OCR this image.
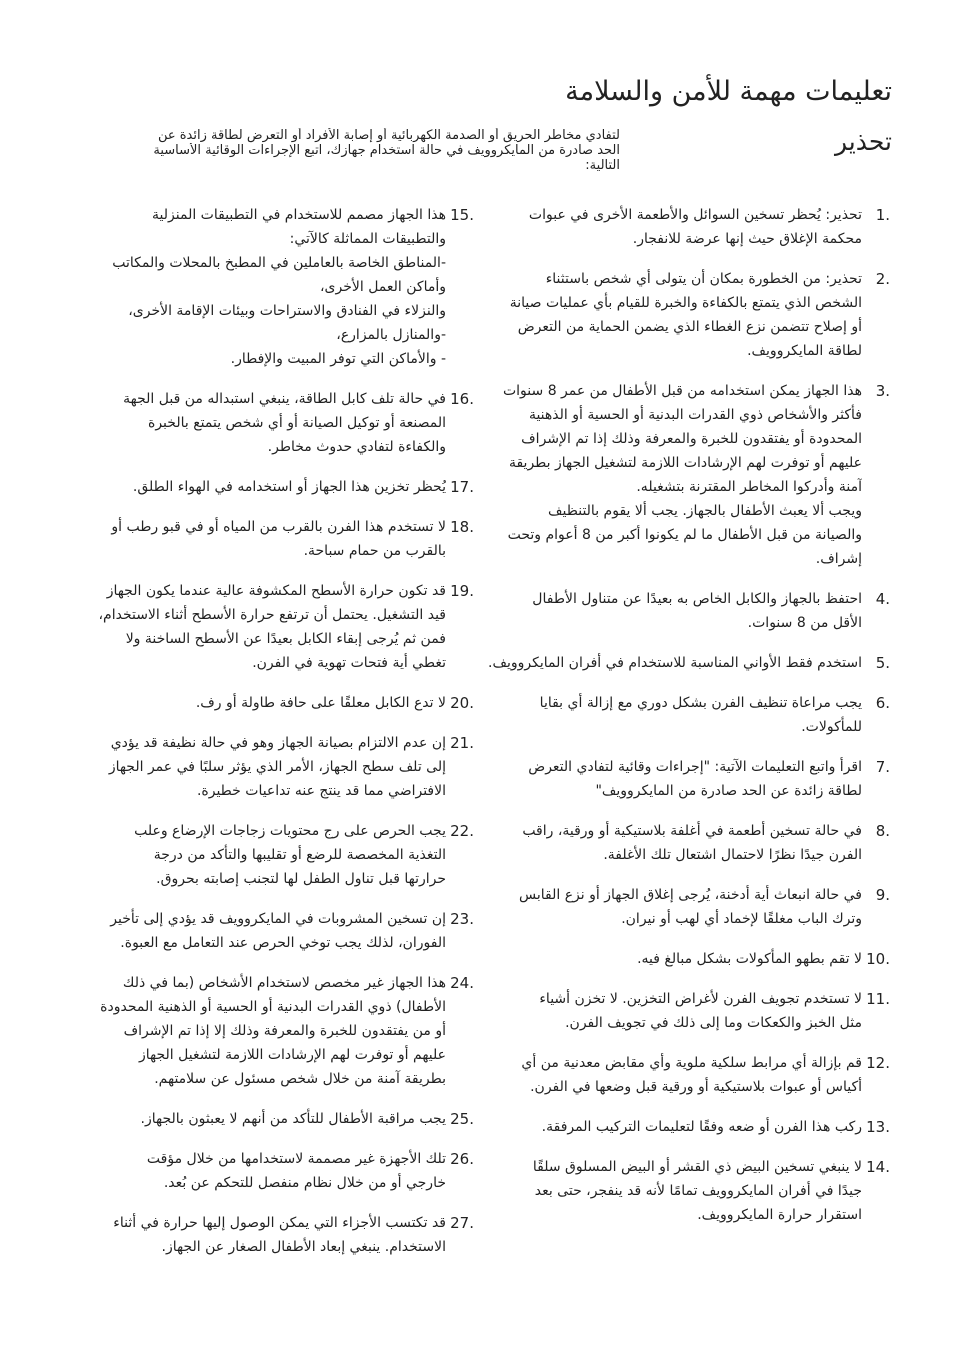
تعليمات مهمة للأمن والسلامة
تحذير
لتفادي مخاطر الحريق أو الصدمة الكهربائية أو إصابة الأفراد أو التعرض لطاقة زائدة عن
الحد صادرة من المايكروويف في حالة استخدام جهازك، اتبع الإجراءات الوقائية الأساسية
التالية:
1.
تحذير: يُحظر تسخين السوائل والأطعمة الأخرى في عبوات
محكمة الإغلاق حيث إنها عرضة للانفجار.
2.
تحذير: من الخطورة بمكان أن يتولى أي شخص باستثناء
الشخص الذي يتمتع بالكفاءة والخبرة للقيام بأي عمليات صيانة
أو إصلاح تتضمن نزع الغطاء الذي يضمن الحماية من التعرض
لطاقة المايكروويف.
3.
هذا الجهاز يمكن استخدامه من قبل الأطفال من عمر 8 سنوات
فأكثر والأشخاص ذوي القدرات البدنية أو الحسية أو الذهنية
المحدودة أو يفتقدون للخبرة والمعرفة وذلك إذا تم الإشراف
عليهم أو توفرت لهم الإرشادات اللازمة لتشغيل الجهاز بطريقة
آمنة وأدركوا المخاطر المقترنة بتشغيله.
ويجب ألا يعبث الأطفال بالجهاز. يجب ألا يقوم بالتنظيف
والصيانة من قبل الأطفال ما لم يكونوا أكبر من 8 أعوام وتحت
إشراف.
4.
احتفظ بالجهاز والكابل الخاص به بعيدًا عن متناول الأطفال
الأقل من 8 سنوات.
5.
استخدم فقط الأواني المناسبة للاستخدام في أفران المايكروويف.
6.
يجب مراعاة تنظيف الفرن بشكل دوري مع إزالة أي بقايا
للمأكولات.
7.
اقرأ واتبع التعليمات الآتية: "إجراءات وقائية لتفادي التعرض
لطاقة زائدة عن الحد صادرة من المايكروويف"
8.
في حالة تسخين أطعمة في أغلفة بلاستيكية أو ورقية، راقب
الفرن جيدًا نظرًا لاحتمال اشتعال تلك الأغلفة.
9.
في حالة انبعاث أية أدخنة، يُرجى إغلاق الجهاز أو نزع القابس
وترك الباب مغلقًا لإخماد أي لهب أو نيران.
10.
لا تقم بطهو المأكولات بشكل مبالغ فيه.
11.
لا تستخدم تجويف الفرن لأغراض التخزين. لا تخزن أشياء
مثل الخبز والكعكات وما إلى ذلك في تجويف الفرن.
12.
قم بإزالة أي مرابط سلكية ملوية وأي مقابض معدنية من أي
أكياس أو عبوات بلاستيكية أو ورقية قبل وضعها في الفرن.
13.
ركب هذا الفرن أو ضعه وفقًا لتعليمات التركيب المرفقة.
14.
لا ينبغي تسخين البيض ذي القشر أو البيض المسلوق سلقًا
جيدًا في أفران المايكروويف تمامًا لأنه قد ينفجر، حتى بعد
استقرار حرارة المايكروويف.
15.
هذا الجهاز مصمم للاستخدام في التطبيقات المنزلية
والتطبيقات المماثلة كالآتي:
-المناطق الخاصة بالعاملين في المطبخ بالمحلات والمكاتب
وأماكن العمل الأخرى،
والنزلاء في الفنادق والاستراحات وبيئات الإقامة الأخرى،
-والمنازل بالمزارع،
- والأماكن التي توفر المبيت والإفطار.
16.
في حالة تلف كابل الطاقة، ينبغي استبداله من قبل الجهة
المصنعة أو توكيل الصيانة أو أي شخص يتمتع بالخبرة
والكفاءة لتفادي حدوث مخاطر.
17.
يُحظر تخزين هذا الجهاز أو استخدامه في الهواء الطلق.
18.
لا تستخدم هذا الفرن بالقرب من المياه أو في قبو رطب أو
بالقرب من حمام سباحة.
19.
قد تكون حرارة الأسطح المكشوفة عالية عندما يكون الجهاز
قيد التشغيل. يحتمل أن ترتفع حرارة الأسطح أثناء الاستخدام،
فمن ثم يُرجى إبقاء الكابل بعيدًا عن الأسطح الساخنة ولا
تغطي أية فتحات تهوية في الفرن.
20.
لا تدع الكابل معلقًا على حافة طاولة أو رف.
21.
إن عدم الالتزام بصيانة الجهاز وهو في حالة نظيفة قد يؤدي
إلى تلف سطح الجهاز، الأمر الذي يؤثر سلبًا في عمر الجهاز
الافتراضي مما قد ينتج عنه تداعيات خطيرة.
22.
يجب الحرص على رج محتويات زجاجات الإرضاع وعلب
التغذية المخصصة للرضع أو تقليبها والتأكد من درجة
حرارتها قبل تناول الطفل لها لتجنب إصابته بحروق.
23.
إن تسخين المشروبات في المايكروويف قد يؤدي إلى تأخير
الفوران، لذلك يجب توخي الحرص عند التعامل مع العبوة.
24.
هذا الجهاز غير مخصص لاستخدام الأشخاص (بما في ذلك
الأطفال) ذوي القدرات البدنية أو الحسية أو الذهنية المحدودة
أو من يفتقدون للخبرة والمعرفة وذلك إلا إذا تم الإشراف
عليهم أو توفرت لهم الإرشادات اللازمة لتشغيل الجهاز
بطريقة آمنة من خلال شخص مسئول عن سلامتهم.
25.
يجب مراقبة الأطفال للتأكد من أنهم لا يعبثون بالجهاز.
26.
تلك الأجهزة غير مصممة لاستخدامها من خلال مؤقت
خارجي أو من خلال نظام منفصل للتحكم عن بُعد.
27.
قد تكتسب الأجزاء التي يمكن الوصول إليها حرارة في أثناء
الاستخدام. ينبغي إبعاد الأطفال الصغار عن الجهاز.
